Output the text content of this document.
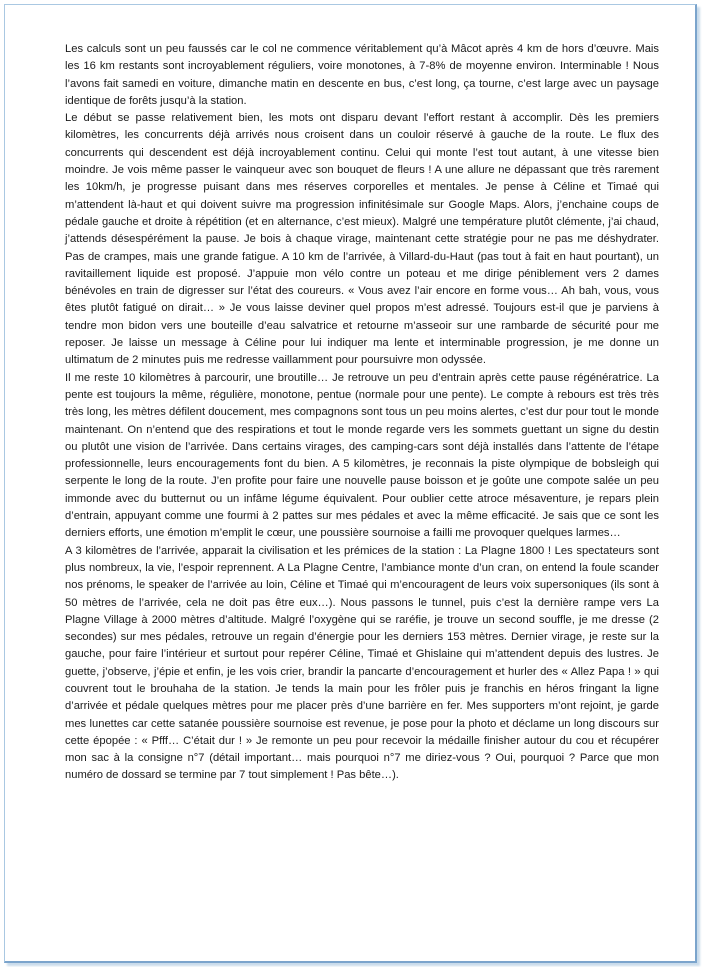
Les calculs sont un peu faussés car le col ne commence véritablement qu’à Mâcot après 4 km de hors d’œuvre. Mais les 16 km restants sont incroyablement réguliers, voire monotones, à 7-8% de moyenne environ. Interminable ! Nous l’avons fait samedi en voiture, dimanche matin en descente en bus, c’est long, ça tourne, c’est large avec un paysage identique de forêts jusqu’à la station.

Le début se passe relativement bien, les mots ont disparu devant l’effort restant à accomplir. Dès les premiers kilomètres, les concurrents déjà arrivés nous croisent dans un couloir réservé à gauche de la route. Le flux des concurrents qui descendent est déjà incroyablement continu. Celui qui monte l’est tout autant, à une vitesse bien moindre. Je vois même passer le vainqueur avec son bouquet de fleurs ! A une allure ne dépassant que très rarement les 10km/h, je progresse puisant dans mes réserves corporelles et mentales. Je pense à Céline et Timaé qui m’attendent là-haut et qui doivent suivre ma progression infinitésimale sur Google Maps. Alors, j’enchaine coups de pédale gauche et droite à répétition (et en alternance, c’est mieux). Malgré une température plutôt clémente, j’ai chaud, j’attends désespérément la pause. Je bois à chaque virage, maintenant cette stratégie pour ne pas me déshydrater. Pas de crampes, mais une grande fatigue. A 10 km de l’arrivée, à Villard-du-Haut (pas tout à fait en haut pourtant), un ravitaillement liquide est proposé. J’appuie mon vélo contre un poteau et me dirige péniblement vers 2 dames bénévoles en train de digresser sur l’état des coureurs. « Vous avez l’air encore en forme vous… Ah bah, vous, vous êtes plutôt fatigué on dirait… » Je vous laisse deviner quel propos m’est adressé. Toujours est-il que je parviens à tendre mon bidon vers une bouteille d’eau salvatrice et retourne m’asseoir sur une rambarde de sécurité pour me reposer. Je laisse un message à Céline pour lui indiquer ma lente et interminable progression, je me donne un ultimatum de 2 minutes puis me redresse vaillamment pour poursuivre mon odyssée.

Il me reste 10 kilomètres à parcourir, une broutille… Je retrouve un peu d’entrain après cette pause régénératrice. La pente est toujours la même, régulière, monotone, pentue (normale pour une pente). Le compte à rebours est très très très long, les mètres défilent doucement, mes compagnons sont tous un peu moins alertes, c’est dur pour tout le monde maintenant. On n’entend que des respirations et tout le monde regarde vers les sommets guettant un signe du destin ou plutôt une vision de l’arrivée. Dans certains virages, des camping-cars sont déjà installés dans l’attente de l’étape professionnelle, leurs encouragements font du bien. A 5 kilomètres, je reconnais la piste olympique de bobsleigh qui serpente le long de la route. J’en profite pour faire une nouvelle pause boisson et je goûte une compote salée un peu immonde avec du butternut ou un infâme légume équivalent. Pour oublier cette atroce mésaventure, je repars plein d’entrain, appuyant comme une fourmi à 2 pattes sur mes pédales et avec la même efficacité. Je sais que ce sont les derniers efforts, une émotion m’emplit le cœur, une poussière sournoise a failli me provoquer quelques larmes…

A 3 kilomètres de l’arrivée, apparait la civilisation et les prémices de la station : La Plagne 1800 ! Les spectateurs sont plus nombreux, la vie, l’espoir reprennent. A La Plagne Centre, l’ambiance monte d’un cran, on entend la foule scander nos prénoms, le speaker de l’arrivée au loin, Céline et Timaé qui m’encouragent de leurs voix supersoniques (ils sont à 50 mètres de l’arrivée, cela ne doit pas être eux…). Nous passons le tunnel, puis c’est la dernière rampe vers La Plagne Village à 2000 mètres d’altitude. Malgré l’oxygène qui se raréfie, je trouve un second souffle, je me dresse (2 secondes) sur mes pédales, retrouve un regain d’énergie pour les derniers 153 mètres. Dernier virage, je reste sur la gauche, pour faire l’intérieur et surtout pour repérer Céline, Timaé et Ghislaine qui m’attendent depuis des lustres. Je guette, j’observe, j’épie et enfin, je les vois crier, brandir la pancarte d’encouragement et hurler des « Allez Papa ! » qui couvrent tout le brouhaha de la station. Je tends la main pour les frôler puis je franchis en héros fringant la ligne d’arrivée et pédale quelques mètres pour me placer près d’une barrière en fer. Mes supporters m’ont rejoint, je garde mes lunettes car cette satanée poussière sournoise est revenue, je pose pour la photo et déclame un long discours sur cette épopée : « Pfff… C’était dur ! » Je remonte un peu pour recevoir la médaille finisher autour du cou et récupérer mon sac à la consigne n°7 (détail important… mais pourquoi n°7 me diriez-vous ? Oui, pourquoi ? Parce que mon numéro de dossard se termine par 7 tout simplement ! Pas bête…).
